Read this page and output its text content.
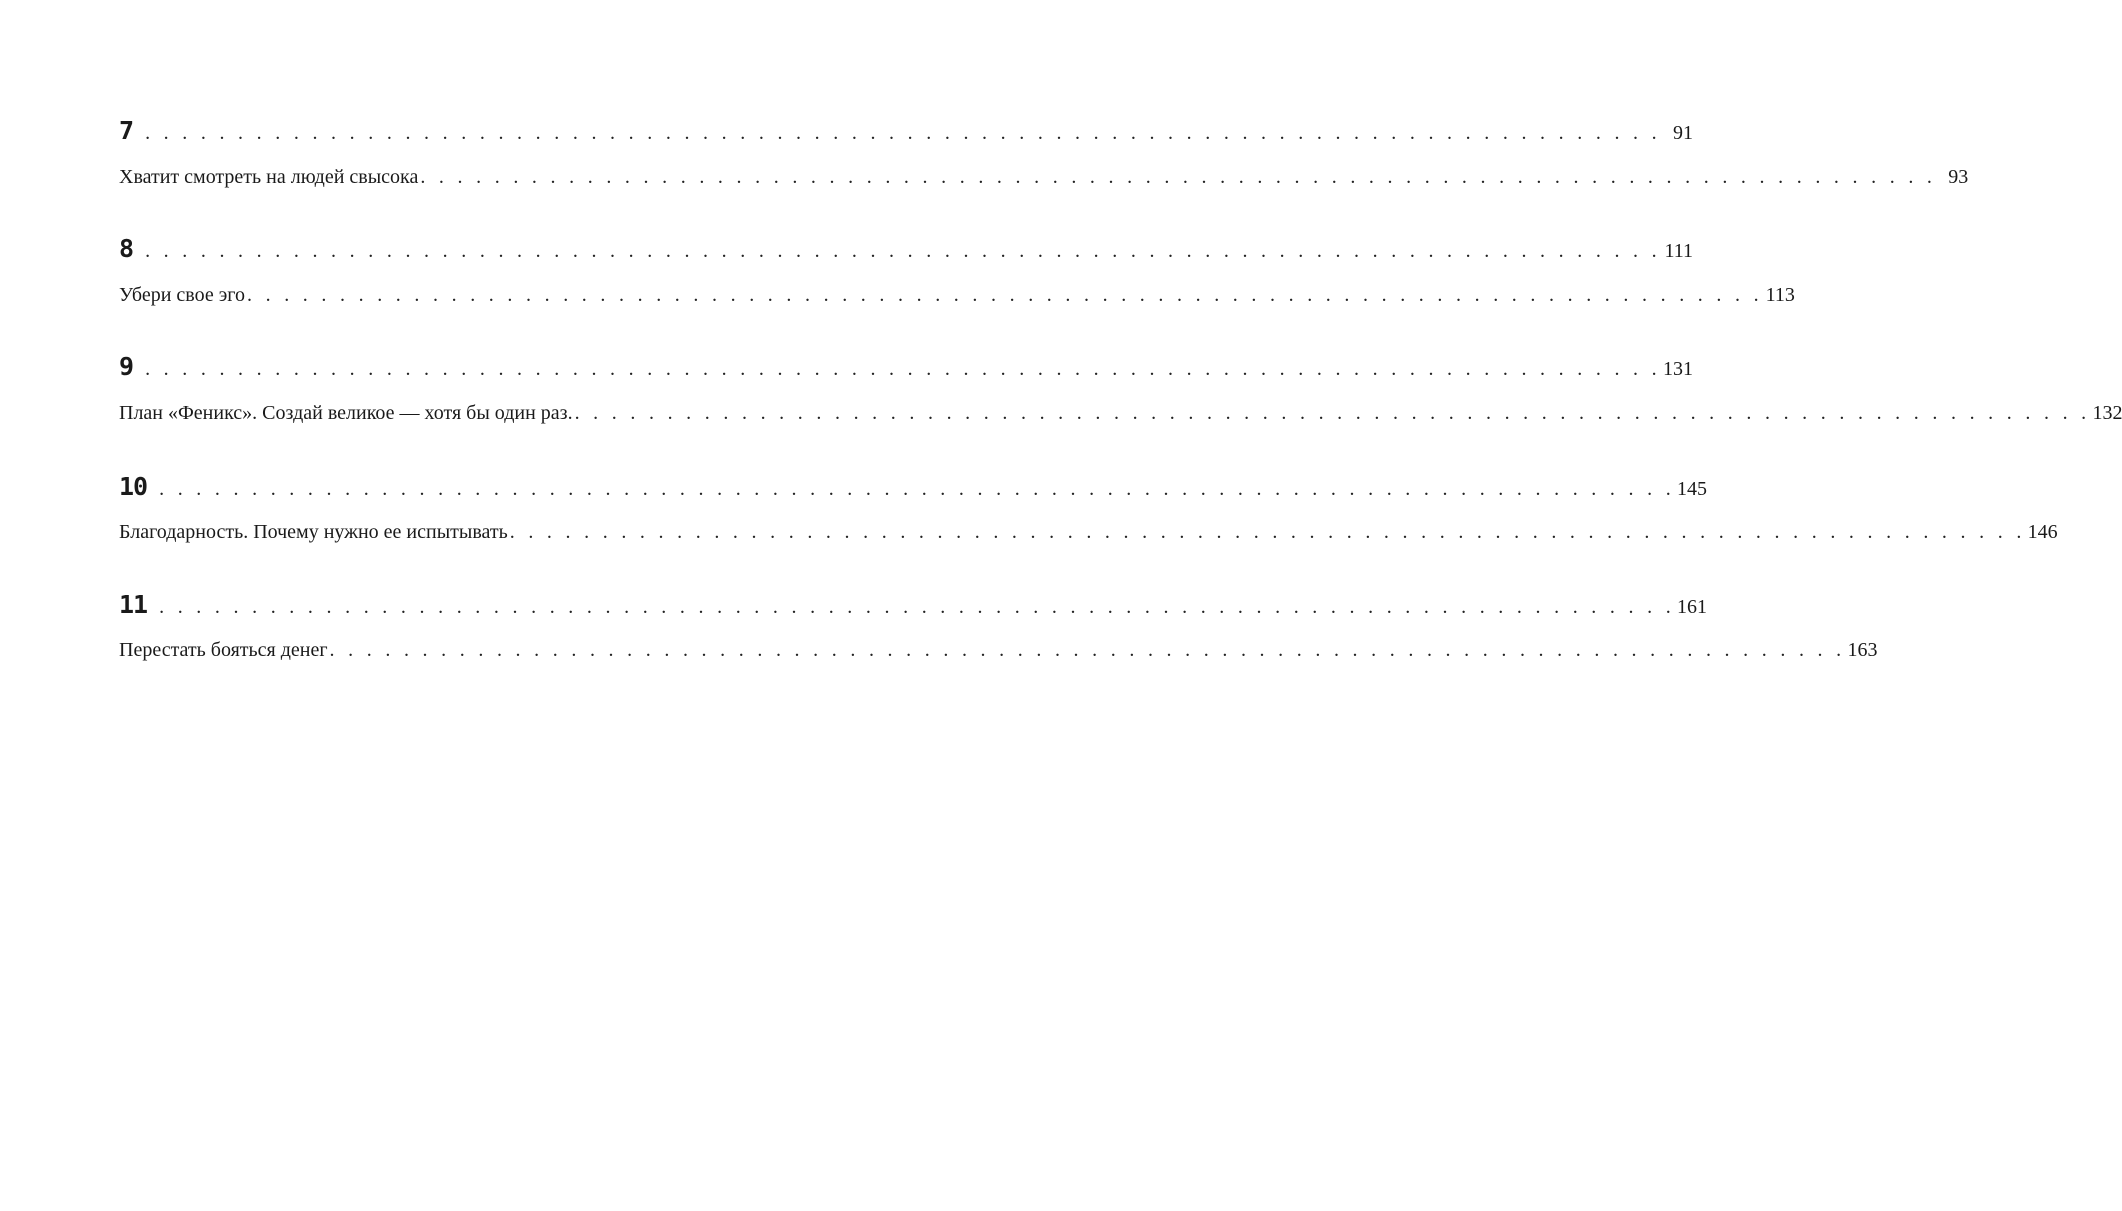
7 . . . . . . . . . . . . . . . . . . . . . . . . . . . . . . . . . . . . . . . . . . . . . . . . . . . . . . . . . . . . . . . . . . . . . . . . . . . . . . . . . . 91
Хватит смотреть на людей свысока . . . . . . . . . . . . . . . . . . . . . . . . . . . . . . . . . . . . . . . . . . . . . . . . . . . . . . . . . . . . . . . . . . . . . . . . . . . . . . . . . . 93
8 . . . . . . . . . . . . . . . . . . . . . . . . . . . . . . . . . . . . . . . . . . . . . . . . . . . . . . . . . . . . . . . . . . . . . . . . . . . . . . . . . . 111
Убери свое эго . . . . . . . . . . . . . . . . . . . . . . . . . . . . . . . . . . . . . . . . . . . . . . . . . . . . . . . . . . . . . . . . . . . . . . . . . . . . . . . . . . 113
9 . . . . . . . . . . . . . . . . . . . . . . . . . . . . . . . . . . . . . . . . . . . . . . . . . . . . . . . . . . . . . . . . . . . . . . . . . . . . . . . . . . 131
План «Феникс». Создай великое — хотя бы один раз. . . . . . . . . . . . . . . . . . . . . . . . . . . . . . . . . . . . . . . . . . . . . . . . . . . . . . . . . . . . . . . . . . . . . . . . . . . . . . . . . . . 132
10 . . . . . . . . . . . . . . . . . . . . . . . . . . . . . . . . . . . . . . . . . . . . . . . . . . . . . . . . . . . . . . . . . . . . . . . . . . . . . . . . . . 145
Благодарность. Почему нужно ее испытывать . . . . . . . . . . . . . . . . . . . . . . . . . . . . . . . . . . . . . . . . . . . . . . . . . . . . . . . . . . . . . . . . . . . . . . . . . . . . . . . . . . 146
11 . . . . . . . . . . . . . . . . . . . . . . . . . . . . . . . . . . . . . . . . . . . . . . . . . . . . . . . . . . . . . . . . . . . . . . . . . . . . . . . . . . 161
Перестать бояться денег . . . . . . . . . . . . . . . . . . . . . . . . . . . . . . . . . . . . . . . . . . . . . . . . . . . . . . . . . . . . . . . . . . . . . . . . . . . . . . . . . . 163
